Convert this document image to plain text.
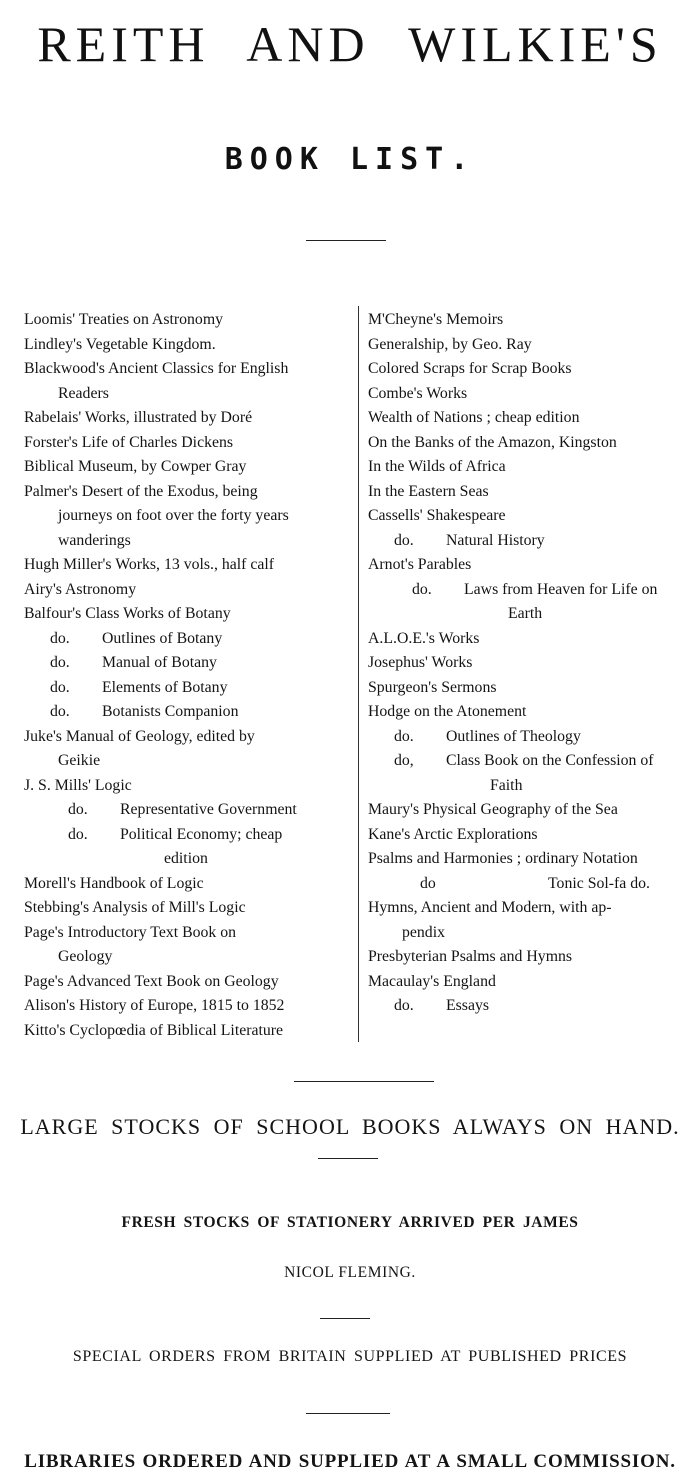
REITH AND WILKIE'S
BOOK LIST.
Loomis' Treaties on Astronomy
Lindley's Vegetable Kingdom.
Blackwood's Ancient Classics for English
Readers
Rabelais' Works, illustrated by Doré
Forster's Life of Charles Dickens
Biblical Museum, by Cowper Gray
Palmer's Desert of the Exodus, being
journeys on foot over the forty years
wanderings
Hugh Miller's Works, 13 vols., half calf
Airy's Astronomy
Balfour's Class Works of Botany
do. Outlines of Botany
do. Manual of Botany
do. Elements of Botany
do. Botanists Companion
Juke's Manual of Geology, edited by
Geikie
J. S. Mills' Logic
do. Representative Government
do. Political Economy; cheap
edition
Morell's Handbook of Logic
Stebbing's Analysis of Mill's Logic
Page's Introductory Text Book on
Geology
Page's Advanced Text Book on Geology
Alison's History of Europe, 1815 to 1852
Kitto's Cyclopœdia of Biblical Literature
M'Cheyne's Memoirs
Generalship, by Geo. Ray
Colored Scraps for Scrap Books
Combe's Works
Wealth of Nations ; cheap edition
On the Banks of the Amazon, Kingston
In the Wilds of Africa
In the Eastern Seas
Cassells' Shakespeare
do. Natural History
Arnot's Parables
do. Laws from Heaven for Life on
Earth
A.L.O.E.'s Works
Josephus' Works
Spurgeon's Sermons
Hodge on the Atonement
do. Outlines of Theology
do, Class Book on the Confession of
Faith
Maury's Physical Geography of the Sea
Kane's Arctic Explorations
Psalms and Harmonies ; ordinary Notation
do	Tonic Sol-fa do.
Hymns, Ancient and Modern, with ap-
pendix
Presbyterian Psalms and Hymns
Macaulay's England
do. Essays
LARGE STOCKS OF SCHOOL BOOKS ALWAYS ON HAND.
FRESH STOCKS OF STATIONERY ARRIVED PER JAMES
NICOL FLEMING.
SPECIAL ORDERS FROM BRITAIN SUPPLIED AT PUBLISHED PRICES
LIBRARIES ORDERED AND SUPPLIED AT A SMALL COMMISSION.
